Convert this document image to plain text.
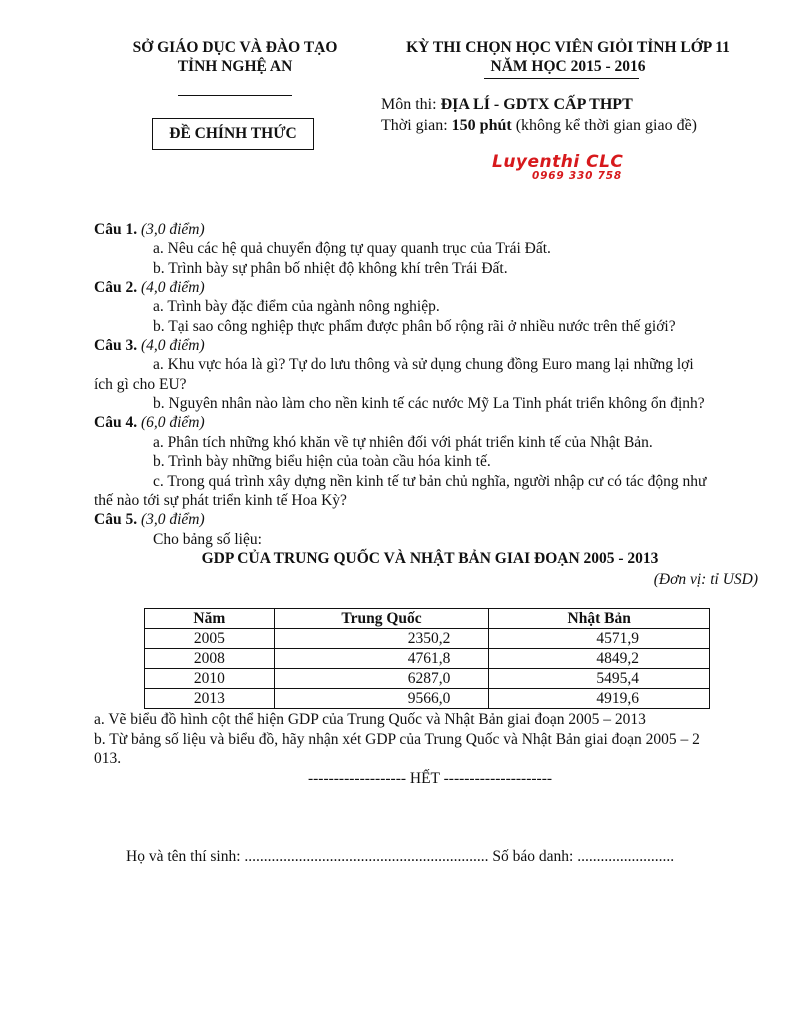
SỞ GIÁO DỤC VÀ ĐÀO TẠO
TỈNH NGHỆ AN
ĐỀ CHÍNH THỨC
KỲ THI CHỌN HỌC VIÊN GIỎI TỈNH LỚP 11
NĂM HỌC 2015 - 2016
Môn thi: ĐỊA LÍ - GDTX CẤP THPT
Thời gian: 150 phút (không kể thời gian giao đề)
Luyenthi CLC
0969 330 758
Câu 1. (3,0 điểm)
a. Nêu các hệ quả chuyển động tự quay quanh trục của Trái Đất.
b. Trình bày sự phân bố nhiệt độ không khí trên Trái Đất.
Câu 2. (4,0 điểm)
a. Trình bày đặc điểm của ngành nông nghiệp.
b. Tại sao công nghiệp thực phẩm được phân bố rộng rãi ở nhiều nước trên thế giới?
Câu 3. (4,0 điểm)
a. Khu vực hóa là gì? Tự do lưu thông và sử dụng chung đồng Euro mang lại những lợi
ích gì cho EU?
b. Nguyên nhân nào làm cho nền kinh tế các nước Mỹ La Tinh phát triển không ổn định?
Câu 4. (6,0 điểm)
a. Phân tích những khó khăn về tự nhiên đối với phát triển kinh tế của Nhật Bản.
b. Trình bày những biểu hiện của toàn cầu hóa kinh tế.
c. Trong quá trình xây dựng nền kinh tế tư bản chủ nghĩa, người nhập cư có tác động như
thế nào tới sự phát triển kinh tế Hoa Kỳ?
Câu 5. (3,0 điểm)
Cho bảng số liệu:
GDP CỦA TRUNG QUỐC VÀ NHẬT BẢN GIAI ĐOẠN 2005 - 2013
(Đơn vị: tỉ USD)
Năm	Trung Quốc	Nhật Bản
2005	2350,2	4571,9
2008	4761,8	4849,2
2010	6287,0	5495,4
2013	9566,0	4919,6
a. Vẽ biểu đồ hình cột thể hiện GDP của Trung Quốc và Nhật Bản giai đoạn 2005 – 2013
b. Từ bảng số liệu và biểu đồ, hãy nhận xét GDP của Trung Quốc và Nhật Bản giai đoạn 2005 – 2
013.
------------------- HẾT ---------------------
Họ và tên thí sinh: ............................................................... Số báo danh: .........................
